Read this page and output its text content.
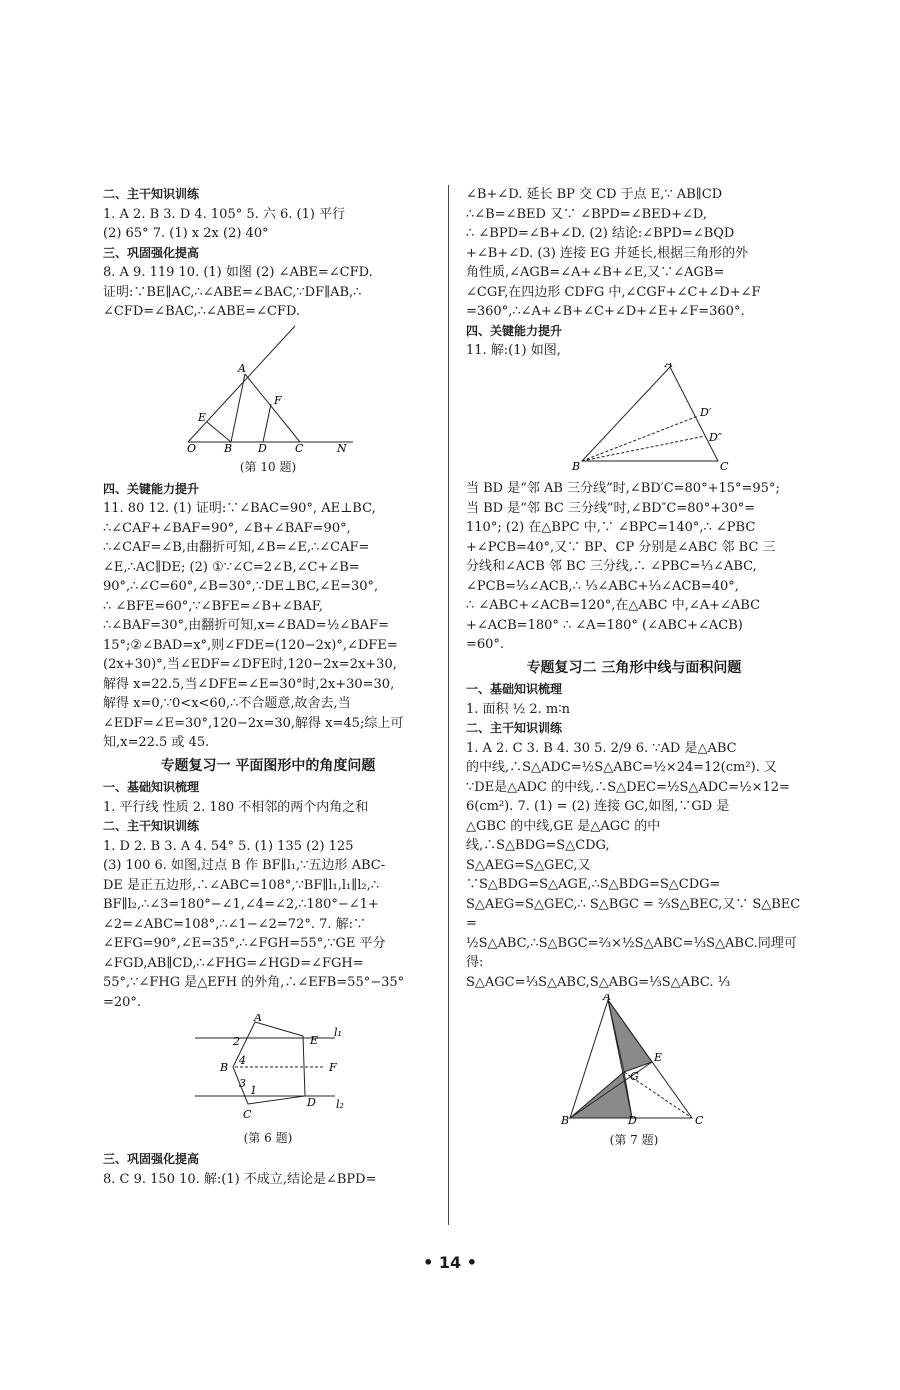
二、主干知识训练

1. A 2. B 3. D 4. 105° 5. 六 6. (1) 平行

(2) 65° 7. (1) x 2x (2) 40°

三、巩固强化提高

8. A 9. 119 10. (1) 如图 (2) ∠ABE=∠CFD.

证明:∵BE∥AC,∴∠ABE=∠BAC,∵DF∥AB,∴

∠CFD=∠BAC,∴∠ABE=∠CFD.

A
E
F
O	B D	C	N

(第 10 题)

四、关键能力提升

11. 80 12. (1) 证明:∵∠BAC=90°, AE⊥BC,

∴∠CAF+∠BAF=90°, ∠B+∠BAF=90°,

∴∠CAF=∠B,由翻折可知,∠B=∠E,∴∠CAF=

∠E,∴AC∥DE; (2) ①∵∠C=2∠B,∠C+∠B=

90°,∴∠C=60°,∠B=30°,∵DE⊥BC,∠E=30°,

∴ ∠BFE=60°,∵∠BFE=∠B+∠BAF,

∴∠BAF=30°,由翻折可知,x=∠BAD=½∠BAF=

15°;②∠BAD=x°,则∠FDE=(120−2x)°,∠DFE=

(2x+30)°,当∠EDF=∠DFE时,120−2x=2x+30,

解得 x=22.5,当∠DFE=∠E=30°时,2x+30=30,

解得 x=0,∵0<x<60,∴不合题意,故舍去,当

∠EDF=∠E=30°,120−2x=30,解得 x=45;综上可

知,x=22.5 或 45.

专题复习一 平面图形中的角度问题

一、基础知识梳理

1. 平行线 性质 2. 180 不相邻的两个内角之和

二、主干知识训练

1. D 2. B 3. A 4. 54° 5. (1) 135 (2) 125

(3) 100 6. 如图,过点 B 作 BF∥l₁,∵五边形 ABC-

DE 是正五边形,∴∠ABC=108°,∵BF∥l₁,l₁∥l₂,∴

BF∥l₂,∴∠3=180°−∠1,∠4=∠2,∴180°−∠1+

∠2=∠ABC=108°,∴∠1−∠2=72°. 7. 解:∵

∠EFG=90°,∠E=35°,∴∠FGH=55°,∵GE 平分

∠FGD,AB∥CD,∴∠FHG=∠HGD=∠FGH=

55°,∵∠FHG 是△EFH 的外角,∴∠EFB=55°−35°

=20°.

A
E
B	F
C
D
l₁
l₂
1
2
3
4

(第 6 题)

三、巩固强化提高

8. C 9. 150 10. 解:(1) 不成立,结论是∠BPD=

∠B+∠D. 延长 BP 交 CD 于点 E,∵ AB∥CD

∴∠B=∠BED 又∵ ∠BPD=∠BED+∠D,

∴ ∠BPD=∠B+∠D. (2) 结论:∠BPD=∠BQD

+∠B+∠D. (3) 连接 EG 并延长,根据三角形的外

角性质,∠AGB=∠A+∠B+∠E,又∵∠AGB=

∠CGF,在四边形 CDFG 中,∠CGF+∠C+∠D+∠F

=360°,∴∠A+∠B+∠C+∠D+∠E+∠F=360°.

四、关键能力提升

11. 解:(1) 如图,

A
D′
D″
B	C

当 BD 是“邻 AB 三分线”时,∠BD′C=80°+15°=95°;

当 BD 是“邻 BC 三分线”时,∠BD″C=80°+30°=

110°; (2) 在△BPC 中,∵ ∠BPC=140°,∴ ∠PBC

+∠PCB=40°,又∵ BP、CP 分别是∠ABC 邻 BC 三

分线和∠ACB 邻 BC 三分线,∴ ∠PBC=⅓∠ABC,

∠PCB=⅓∠ACB,∴ ⅓∠ABC+⅓∠ACB=40°,

∴ ∠ABC+∠ACB=120°,在△ABC 中,∠A+∠ABC

+∠ACB=180° ∴ ∠A=180° (∠ABC+∠ACB)

=60°.

专题复习二 三角形中线与面积问题

一、基础知识梳理

1. 面积 ½ 2. m∶n

二、主干知识训练

1. A 2. C 3. B 4. 30 5. 2/9 6. ∵AD 是△ABC

的中线,∴S△ADC=½S△ABC=½×24=12(cm²). 又

∵DE是△ADC 的中线,∴S△DEC=½S△ADC=½×12=

6(cm²). 7. (1) = (2) 连接 GC,如图,∵GD 是

△GBC 的中线,GE 是△AGC 的中线,∴S△BDG=S△CDG,

S△AEG=S△GEC,又∵S△BDG=S△AGE,∴S△BDG=S△CDG=

S△AEG=S△GEC,∴ S△BGC = ⅔S△BEC,又∵ S△BEC =

½S△ABC,∴S△BGC=⅔×½S△ABC=⅓S△ABC.同理可得:

S△AGC=⅓S△ABC,S△ABG=⅓S△ABC. ⅓

A
E
G
B	D	C

(第 7 题)

• 14 •
